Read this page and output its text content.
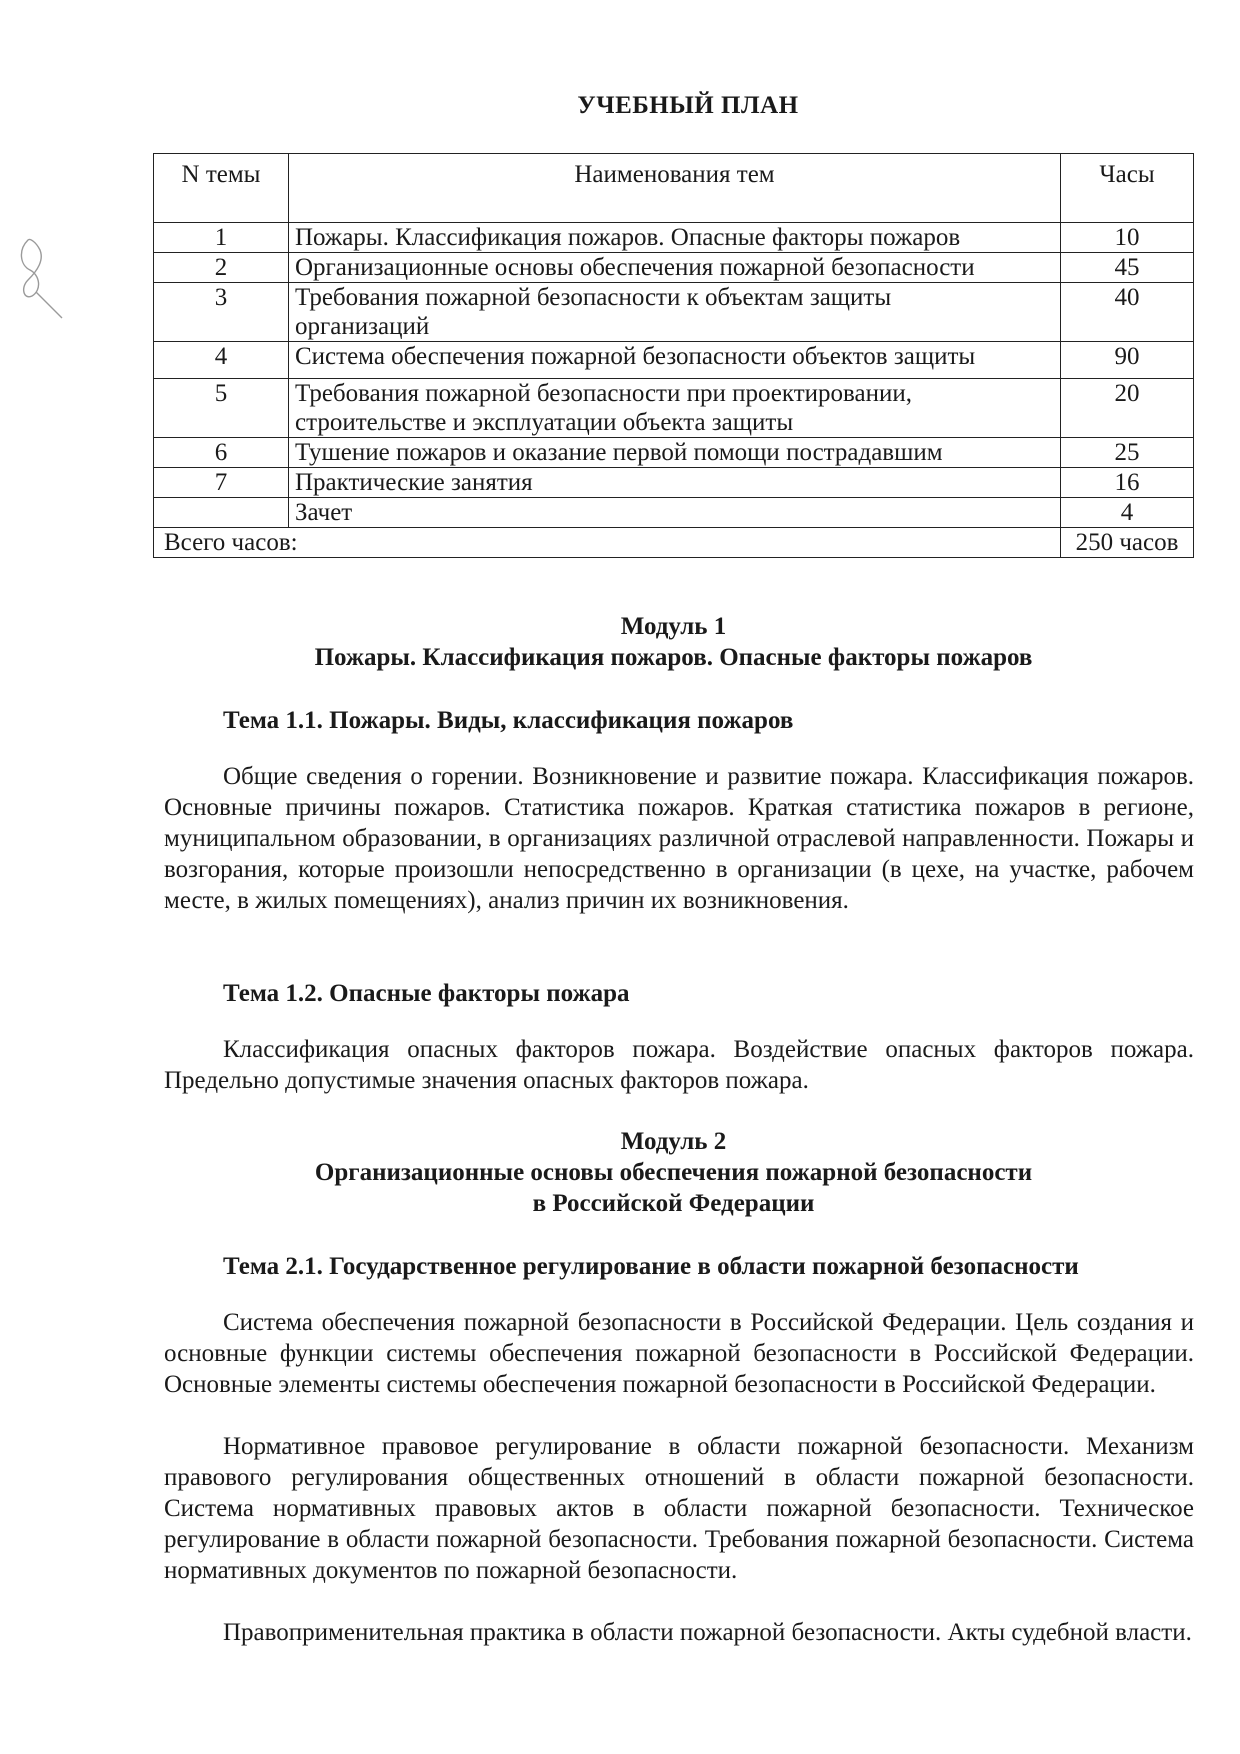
УЧЕБНЫЙ ПЛАН
N темы	Наименования тем	Часы
1	Пожары. Классификация пожаров. Опасные факторы пожаров	10
2	Организационные основы обеспечения пожарной безопасности	45
3	Требования пожарной безопасности к объектам защиты организаций	40
4	Система обеспечения пожарной безопасности объектов защиты	90
5	Требования пожарной безопасности при проектировании, строительстве и эксплуатации объекта защиты	20
6	Тушение пожаров и оказание первой помощи пострадавшим	25
7	Практические занятия	16
	Зачет	4
Всего часов:		250 часов
Модуль 1
Пожары. Классификация пожаров. Опасные факторы пожаров
Тема 1.1. Пожары. Виды, классификация пожаров

Общие сведения о горении. Возникновение и развитие пожара. Классификация пожаров. Основные причины пожаров. Статистика пожаров. Краткая статистика пожаров в регионе, муниципальном образовании, в организациях различной отраслевой направленности. Пожары и возгорания, которые произошли непосредственно в организации (в цехе, на участке, рабочем месте, в жилых помещениях), анализ причин их возникновения.

Тема 1.2. Опасные факторы пожара

Классификация опасных факторов пожара. Воздействие опасных факторов пожара. Предельно допустимые значения опасных факторов пожара.

Модуль 2
Организационные основы обеспечения пожарной безопасности
в Российской Федерации
Тема 2.1. Государственное регулирование в области пожарной безопасности

Система обеспечения пожарной безопасности в Российской Федерации. Цель создания и основные функции системы обеспечения пожарной безопасности в Российской Федерации. Основные элементы системы обеспечения пожарной безопасности в Российской Федерации.

Нормативное правовое регулирование в области пожарной безопасности. Механизм правового регулирования общественных отношений в области пожарной безопасности. Система нормативных правовых актов в области пожарной безопасности. Техническое регулирование в области пожарной безопасности. Требования пожарной безопасности. Система нормативных документов по пожарной безопасности.

Правоприменительная практика в области пожарной безопасности. Акты судебной власти.
